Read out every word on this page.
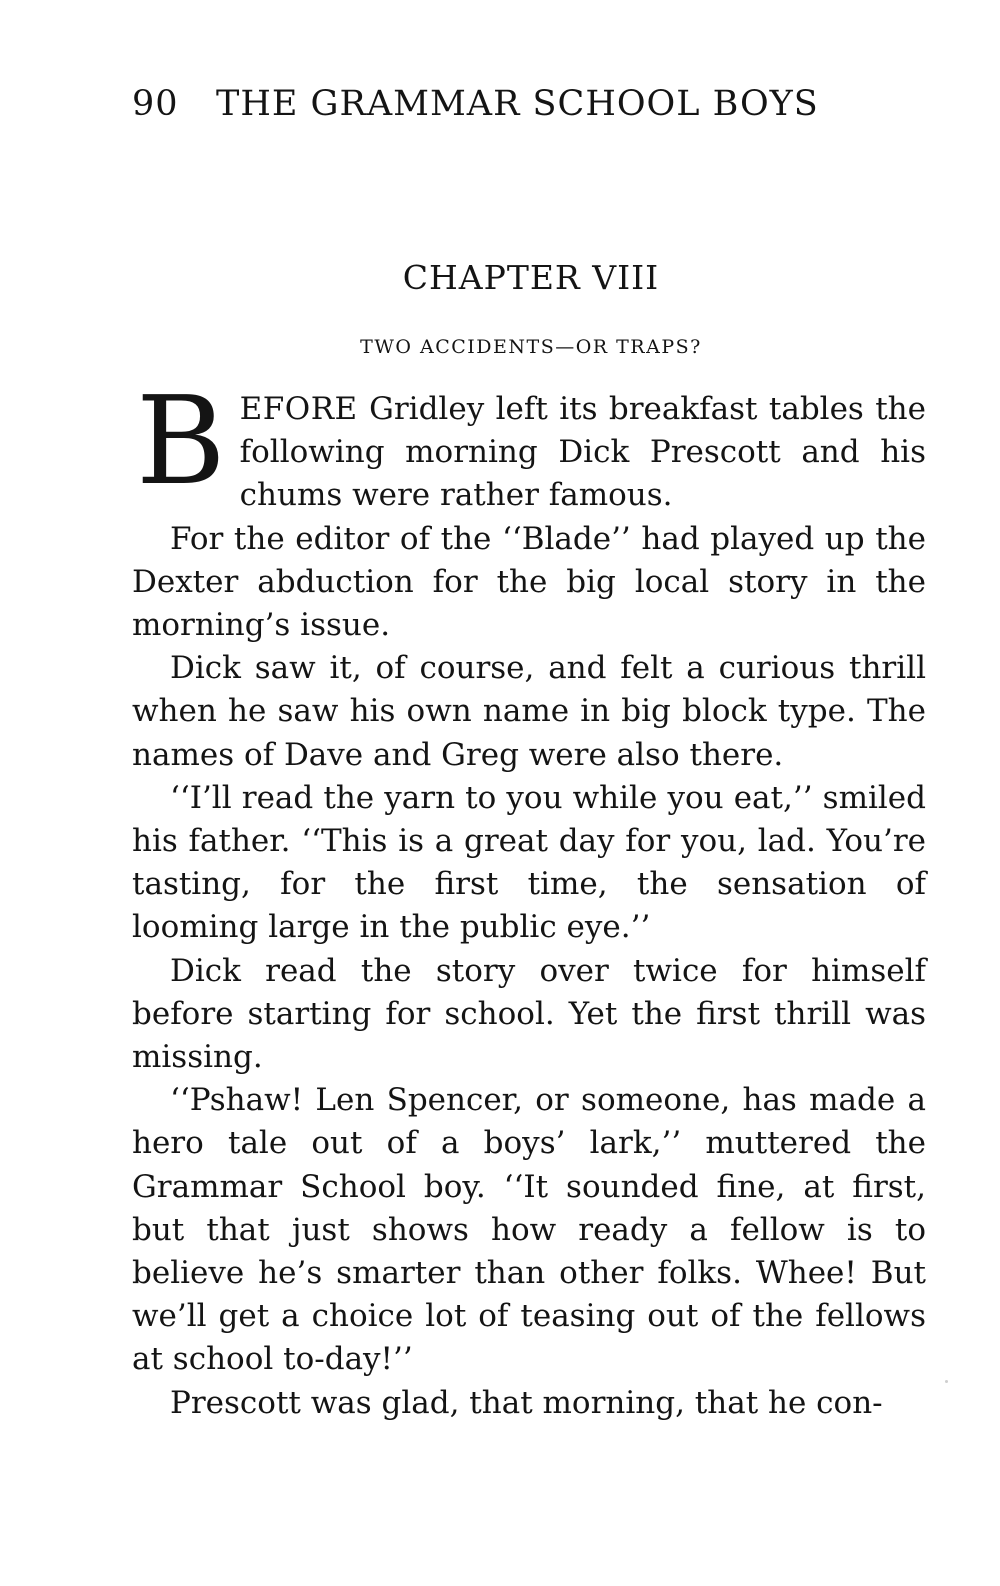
90 THE GRAMMAR SCHOOL BOYS
CHAPTER VIII
TWO ACCIDENTS—OR TRAPS?

BEFORE Gridley left its breakfast tables the following morning Dick Prescott and his chums were rather famous.

For the editor of the ‘‘Blade’’ had played up the Dexter abduction for the big local story in the morning’s issue.

Dick saw it, of course, and felt a curious thrill when he saw his own name in big block type. The names of Dave and Greg were also there.

‘‘I’ll read the yarn to you while you eat,’’ smiled his father. ‘‘This is a great day for you, lad. You’re tasting, for the first time, the sensation of looming large in the public eye.’’

Dick read the story over twice for himself before starting for school. Yet the first thrill was missing.

‘‘Pshaw! Len Spencer, or someone, has made a hero tale out of a boys’ lark,’’ muttered the Grammar School boy. ‘‘It sounded fine, at first, but that just shows how ready a fellow is to believe he’s smarter than other folks. Whee! But we’ll get a choice lot of teasing out of the fellows at school to-day!’’

Prescott was glad, that morning, that he con-
